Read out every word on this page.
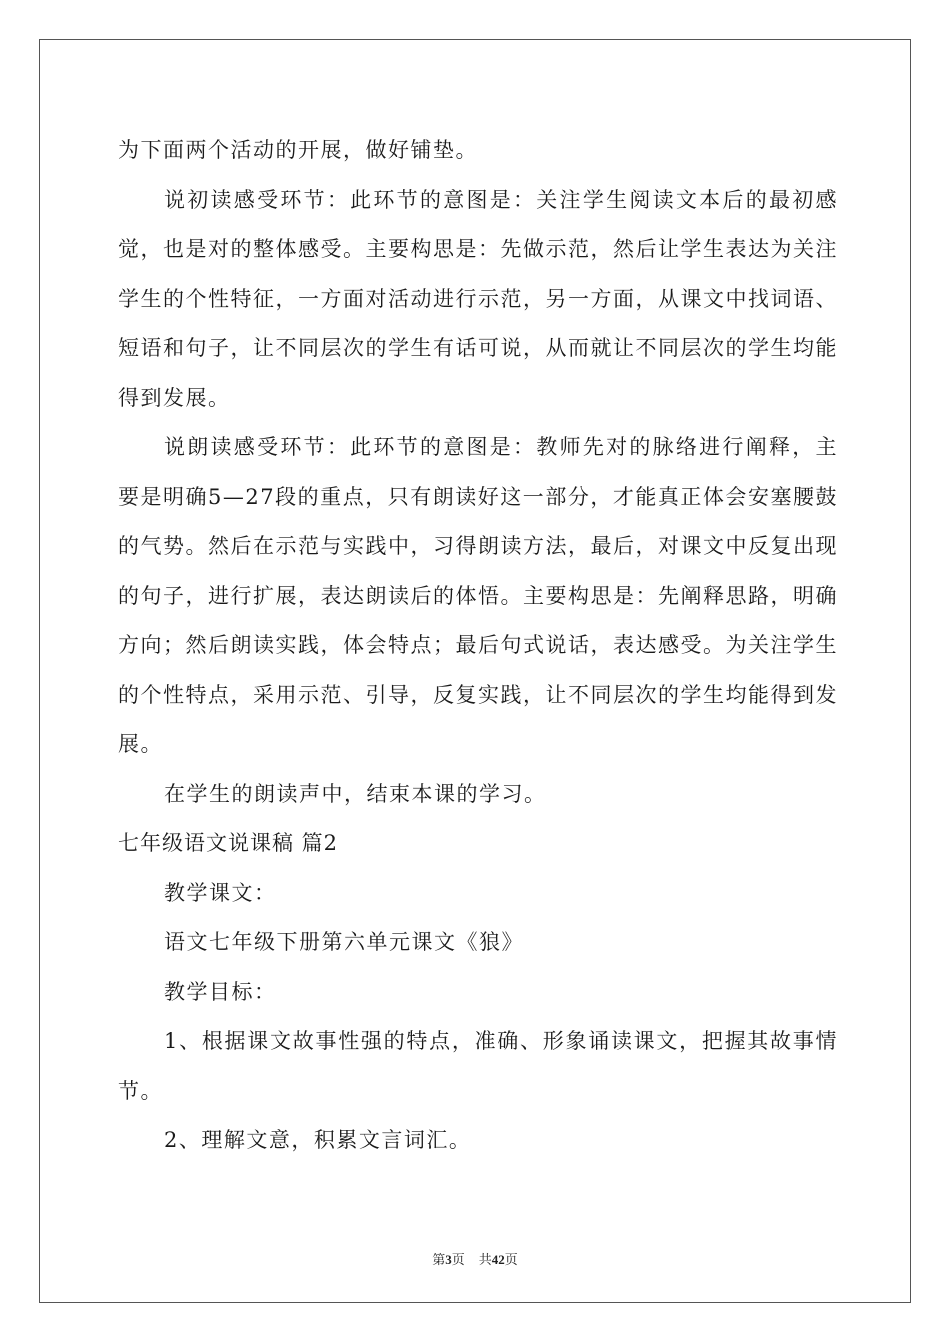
为下面两个活动的开展，做好铺垫。

说初读感受环节：此环节的意图是：关注学生阅读文本后的最初感觉，也是对的整体感受。主要构思是：先做示范，然后让学生表达为关注学生的个性特征，一方面对活动进行示范，另一方面，从课文中找词语、短语和句子，让不同层次的学生有话可说，从而就让不同层次的学生均能得到发展。

说朗读感受环节：此环节的意图是：教师先对的脉络进行阐释，主要是明确5—27段的重点，只有朗读好这一部分，才能真正体会安塞腰鼓的气势。然后在示范与实践中，习得朗读方法，最后，对课文中反复出现的句子，进行扩展，表达朗读后的体悟。主要构思是：先阐释思路，明确方向；然后朗读实践，体会特点；最后句式说话，表达感受。为关注学生的个性特点，采用示范、引导，反复实践，让不同层次的学生均能得到发展。

在学生的朗读声中，结束本课的学习。

七年级语文说课稿 篇2

教学课文：

语文七年级下册第六单元课文《狼》

教学目标：

1、根据课文故事性强的特点，准确、形象诵读课文，把握其故事情节。

2、理解文意，积累文言词汇。

第3页 共42页
